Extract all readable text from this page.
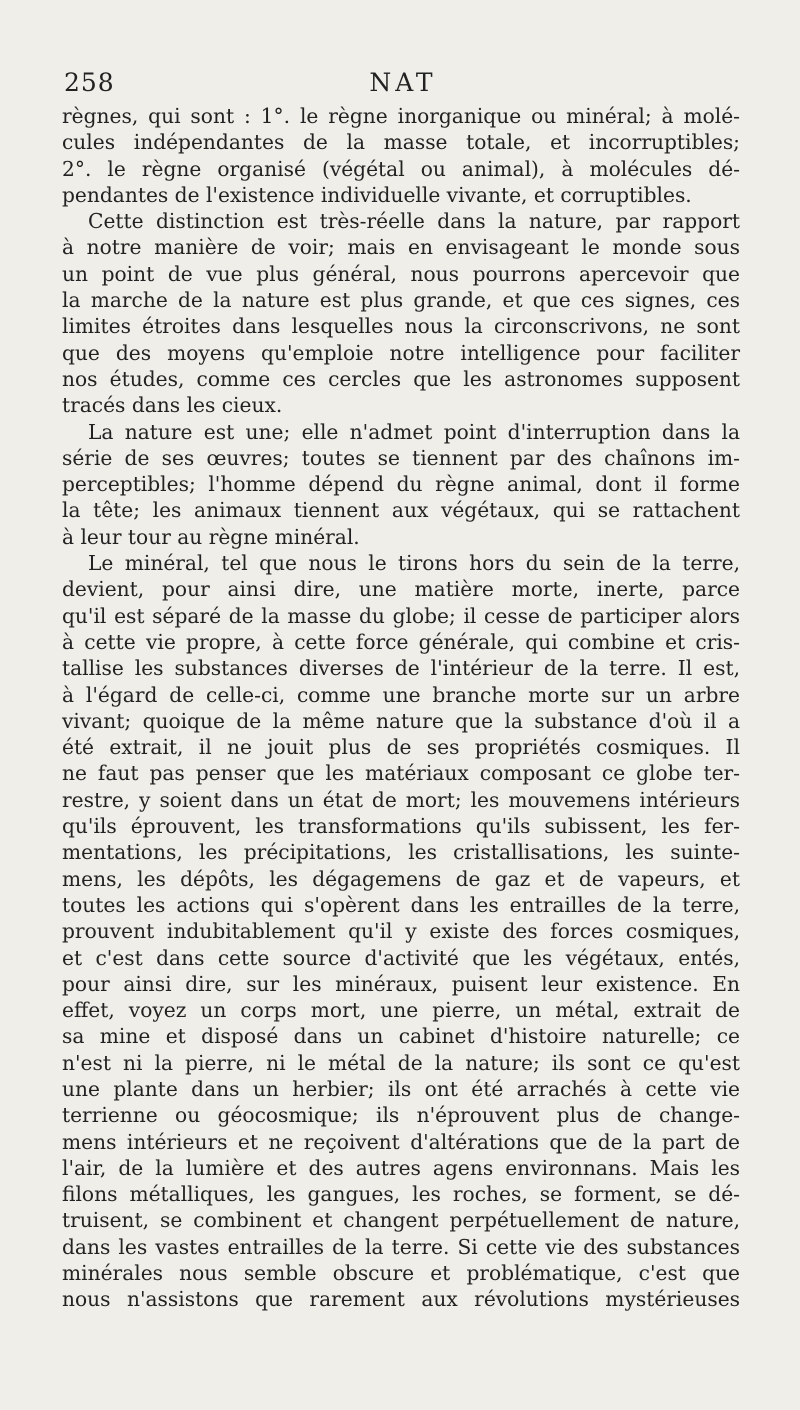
258	NAT
règnes, qui sont : 1°. le règne inorganique ou minéral; à molé-
cules indépendantes de la masse totale, et incorruptibles;
2°. le règne organisé (végétal ou animal), à molécules dé-
pendantes de l'existence individuelle vivante, et corruptibles.
Cette distinction est très-réelle dans la nature, par rapport
à notre manière de voir; mais en envisageant le monde sous
un point de vue plus général, nous pourrons apercevoir que
la marche de la nature est plus grande, et que ces signes, ces
limites étroites dans lesquelles nous la circonscrivons, ne sont
que des moyens qu'emploie notre intelligence pour faciliter
nos études, comme ces cercles que les astronomes supposent
tracés dans les cieux.
La nature est une; elle n'admet point d'interruption dans la
série de ses œuvres; toutes se tiennent par des chaînons im-
perceptibles; l'homme dépend du règne animal, dont il forme
la tête; les animaux tiennent aux végétaux, qui se rattachent
à leur tour au règne minéral.
Le minéral, tel que nous le tirons hors du sein de la terre,
devient, pour ainsi dire, une matière morte, inerte, parce
qu'il est séparé de la masse du globe; il cesse de participer alors
à cette vie propre, à cette force générale, qui combine et cris-
tallise les substances diverses de l'intérieur de la terre. Il est,
à l'égard de celle-ci, comme une branche morte sur un arbre
vivant; quoique de la même nature que la substance d'où il a
été extrait, il ne jouit plus de ses propriétés cosmiques. Il
ne faut pas penser que les matériaux composant ce globe ter-
restre, y soient dans un état de mort; les mouvemens intérieurs
qu'ils éprouvent, les transformations qu'ils subissent, les fer-
mentations, les précipitations, les cristallisations, les suinte-
mens, les dépôts, les dégagemens de gaz et de vapeurs, et
toutes les actions qui s'opèrent dans les entrailles de la terre,
prouvent indubitablement qu'il y existe des forces cosmiques,
et c'est dans cette source d'activité que les végétaux, entés,
pour ainsi dire, sur les minéraux, puisent leur existence. En
effet, voyez un corps mort, une pierre, un métal, extrait de
sa mine et disposé dans un cabinet d'histoire naturelle; ce
n'est ni la pierre, ni le métal de la nature; ils sont ce qu'est
une plante dans un herbier; ils ont été arrachés à cette vie
terrienne ou géocosmique; ils n'éprouvent plus de change-
mens intérieurs et ne reçoivent d'altérations que de la part de
l'air, de la lumière et des autres agens environnans. Mais les
filons métalliques, les gangues, les roches, se forment, se dé-
truisent, se combinent et changent perpétuellement de nature,
dans les vastes entrailles de la terre. Si cette vie des substances
minérales nous semble obscure et problématique, c'est que
nous n'assistons que rarement aux révolutions mystérieuses
